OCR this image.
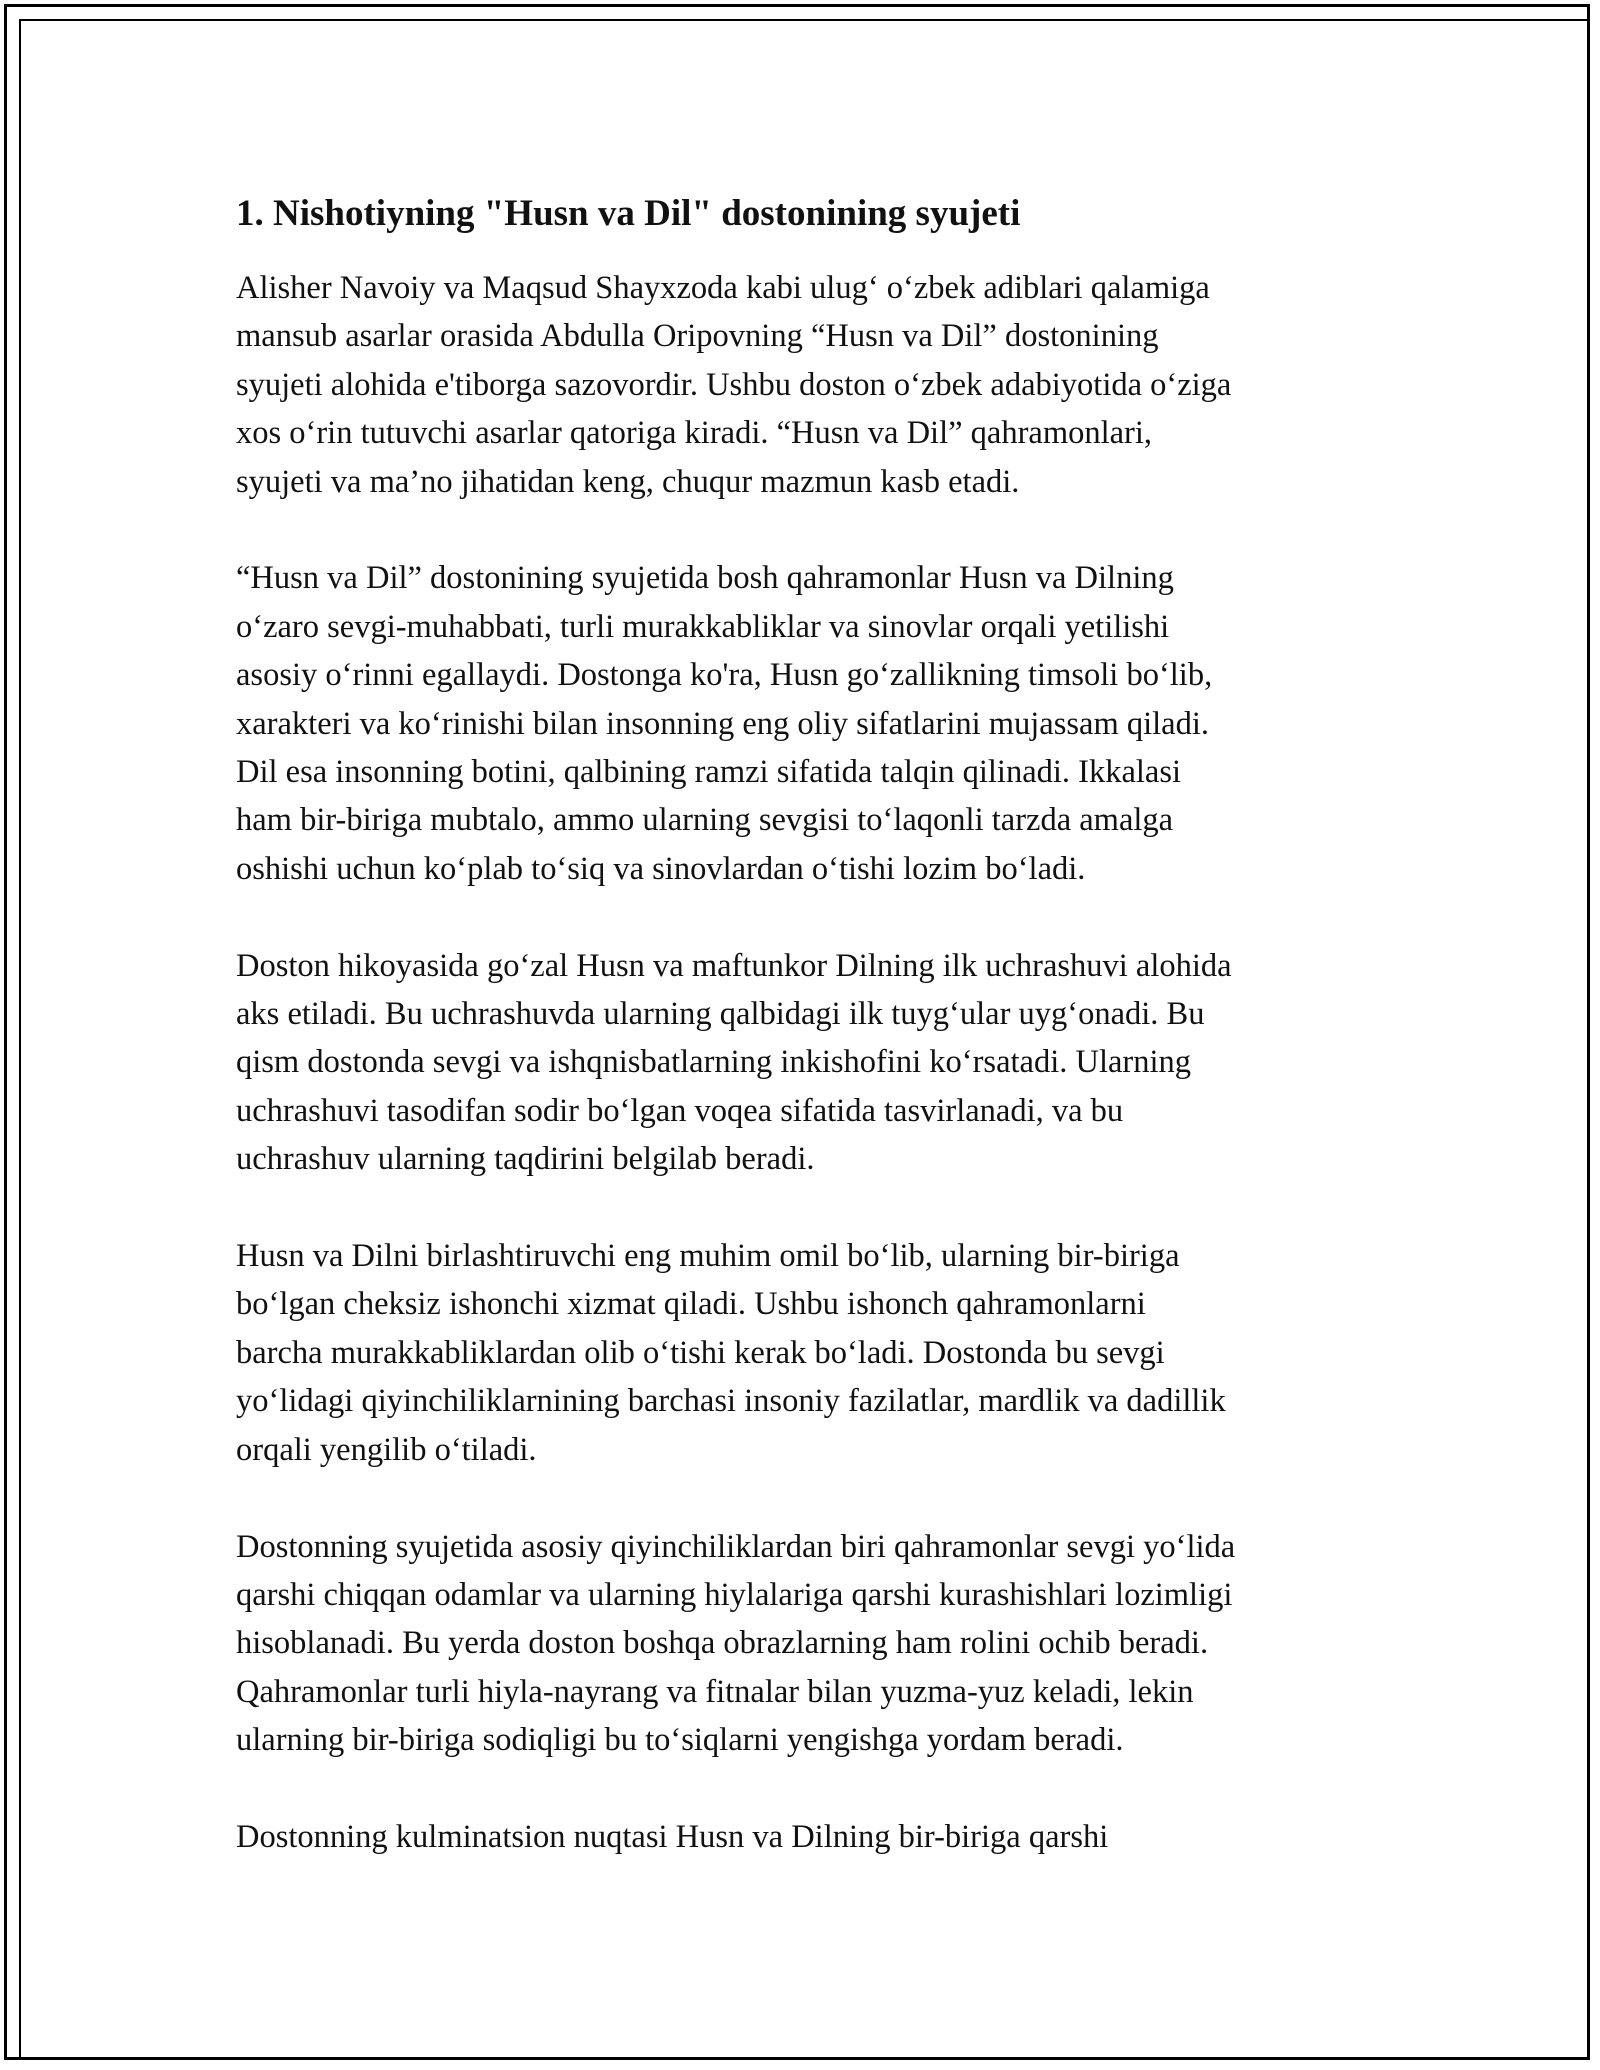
1. Nishotiyning "Husn va Dil" dostonining syujeti

Alisher Navoiy va Maqsud Shayxzoda kabi ulug‘ o‘zbek adiblari qalamiga
mansub asarlar orasida Abdulla Oripovning “Husn va Dil” dostonining
syujeti alohida e'tiborga sazovordir. Ushbu doston o‘zbek adabiyotida o‘ziga
xos o‘rin tutuvchi asarlar qatoriga kiradi. “Husn va Dil” qahramonlari,
syujeti va ma’no jihatidan keng, chuqur mazmun kasb etadi.

“Husn va Dil” dostonining syujetida bosh qahramonlar Husn va Dilning
o‘zaro sevgi-muhabbati, turli murakkabliklar va sinovlar orqali yetilishi
asosiy o‘rinni egallaydi. Dostonga ko'ra, Husn go‘zallikning timsoli bo‘lib,
xarakteri va ko‘rinishi bilan insonning eng oliy sifatlarini mujassam qiladi.
Dil esa insonning botini, qalbining ramzi sifatida talqin qilinadi. Ikkalasi
ham bir-biriga mubtalo, ammo ularning sevgisi to‘laqonli tarzda amalga
oshishi uchun ko‘plab to‘siq va sinovlardan o‘tishi lozim bo‘ladi.

Doston hikoyasida go‘zal Husn va maftunkor Dilning ilk uchrashuvi alohida
aks etiladi. Bu uchrashuvda ularning qalbidagi ilk tuyg‘ular uyg‘onadi. Bu
qism dostonda sevgi va ishqnisbatlarning inkishofini ko‘rsatadi. Ularning
uchrashuvi tasodifan sodir bo‘lgan voqea sifatida tasvirlanadi, va bu
uchrashuv ularning taqdirini belgilab beradi.

Husn va Dilni birlashtiruvchi eng muhim omil bo‘lib, ularning bir-biriga
bo‘lgan cheksiz ishonchi xizmat qiladi. Ushbu ishonch qahramonlarni
barcha murakkabliklardan olib o‘tishi kerak bo‘ladi. Dostonda bu sevgi
yo‘lidagi qiyinchiliklarnining barchasi insoniy fazilatlar, mardlik va dadillik
orqali yengilib o‘tiladi.

Dostonning syujetida asosiy qiyinchiliklardan biri qahramonlar sevgi yo‘lida
qarshi chiqqan odamlar va ularning hiylalariga qarshi kurashishlari lozimligi
hisoblanadi. Bu yerda doston boshqa obrazlarning ham rolini ochib beradi.
Qahramonlar turli hiyla-nayrang va fitnalar bilan yuzma-yuz keladi, lekin
ularning bir-biriga sodiqligi bu to‘siqlarni yengishga yordam beradi.

Dostonning kulminatsion nuqtasi Husn va Dilning bir-biriga qarshi
